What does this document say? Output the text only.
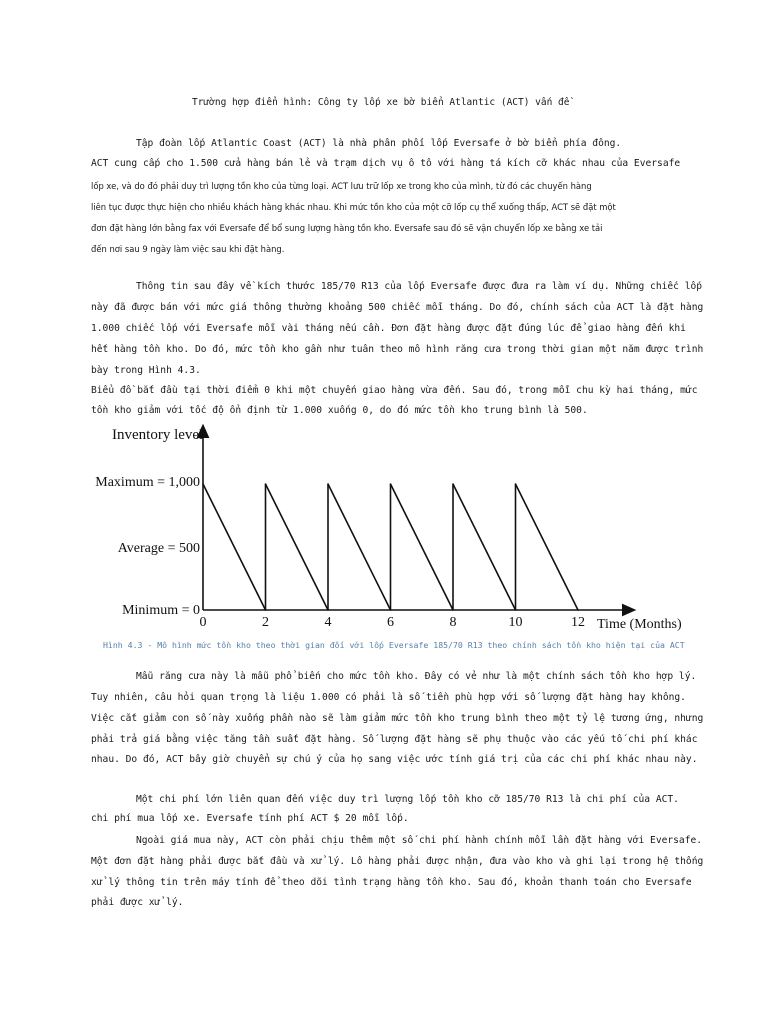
Trường hợp điển hình: Công ty lốp xe bờ biển Atlantic (ACT) vấn đề
Tập đoàn lốp Atlantic Coast (ACT) là nhà phân phối lốp Eversafe ở bờ biển phía đông.
ACT cung cấp cho 1.500 cửa hàng bán lẻ và trạm dịch vụ ô tô với hàng tá kích cỡ khác nhau của Eversafe
lốp xe, và do đó phải duy trì lượng tồn kho của từng loại. ACT lưu trữ lốp xe trong kho của mình, từ đó các chuyến hàng
liên tục được thực hiện cho nhiều khách hàng khác nhau. Khi mức tồn kho của một cỡ lốp cụ thể xuống thấp, ACT sẽ đặt một
đơn đặt hàng lớn bằng fax với Eversafe để bổ sung lượng hàng tồn kho. Eversafe sau đó sẽ vận chuyển lốp xe bằng xe tải
đến nơi sau 9 ngày làm việc sau khi đặt hàng.
Thông tin sau đây về kích thước 185/70 R13 của lốp Eversafe được đưa ra làm ví dụ. Những chiếc lốp
này đã được bán với mức giá thông thường khoảng 500 chiếc mỗi tháng. Do đó, chính sách của ACT là đặt hàng
1.000 chiếc lốp với Eversafe mỗi vài tháng nếu cần. Đơn đặt hàng được đặt đúng lúc để giao hàng đến khi
hết hàng tồn kho. Do đó, mức tồn kho gần như tuân theo mô hình răng cưa trong thời gian một năm được trình
bày trong Hình 4.3.
Biểu đồ bắt đầu tại thời điểm 0 khi một chuyến giao hàng vừa đến. Sau đó, trong mỗi chu kỳ hai tháng, mức
tồn kho giảm với tốc độ ổn định từ 1.000 xuống 0, do đó mức tồn kho trung bình là 500.
Inventory level
Time (Months)
Maximum = 1,000
Average = 500
Minimum = 0
0	2	4	6	8	10	12
Hình 4.3 - Mô hình mức tồn kho theo thời gian đối với lốp Eversafe 185/70 R13 theo chính sách tồn kho hiện tại của ACT
Mẫu răng cưa này là mẫu phổ biến cho mức tồn kho. Đây có vẻ như là một chính sách tồn kho hợp lý.
Tuy nhiên, câu hỏi quan trọng là liệu 1.000 có phải là số tiền phù hợp với số lượng đặt hàng hay không.
Việc cắt giảm con số này xuống phần nào sẽ làm giảm mức tồn kho trung bình theo một tỷ lệ tương ứng, nhưng
phải trả giá bằng việc tăng tần suất đặt hàng. Số lượng đặt hàng sẽ phụ thuộc vào các yếu tố chi phí khác
nhau. Do đó, ACT bây giờ chuyển sự chú ý của họ sang việc ước tính giá trị của các chi phí khác nhau này.
Một chi phí lớn liên quan đến việc duy trì lượng lốp tồn kho cỡ 185/70 R13 là chi phí của ACT.
chi phí mua lốp xe. Eversafe tính phí ACT $ 20 mỗi lốp.
Ngoài giá mua này, ACT còn phải chịu thêm một số chi phí hành chính mỗi lần đặt hàng với Eversafe.
Một đơn đặt hàng phải được bắt đầu và xử lý. Lô hàng phải được nhận, đưa vào kho và ghi lại trong hệ thống
xử lý thông tin trên máy tính để theo dõi tình trạng hàng tồn kho. Sau đó, khoản thanh toán cho Eversafe
phải được xử lý.
